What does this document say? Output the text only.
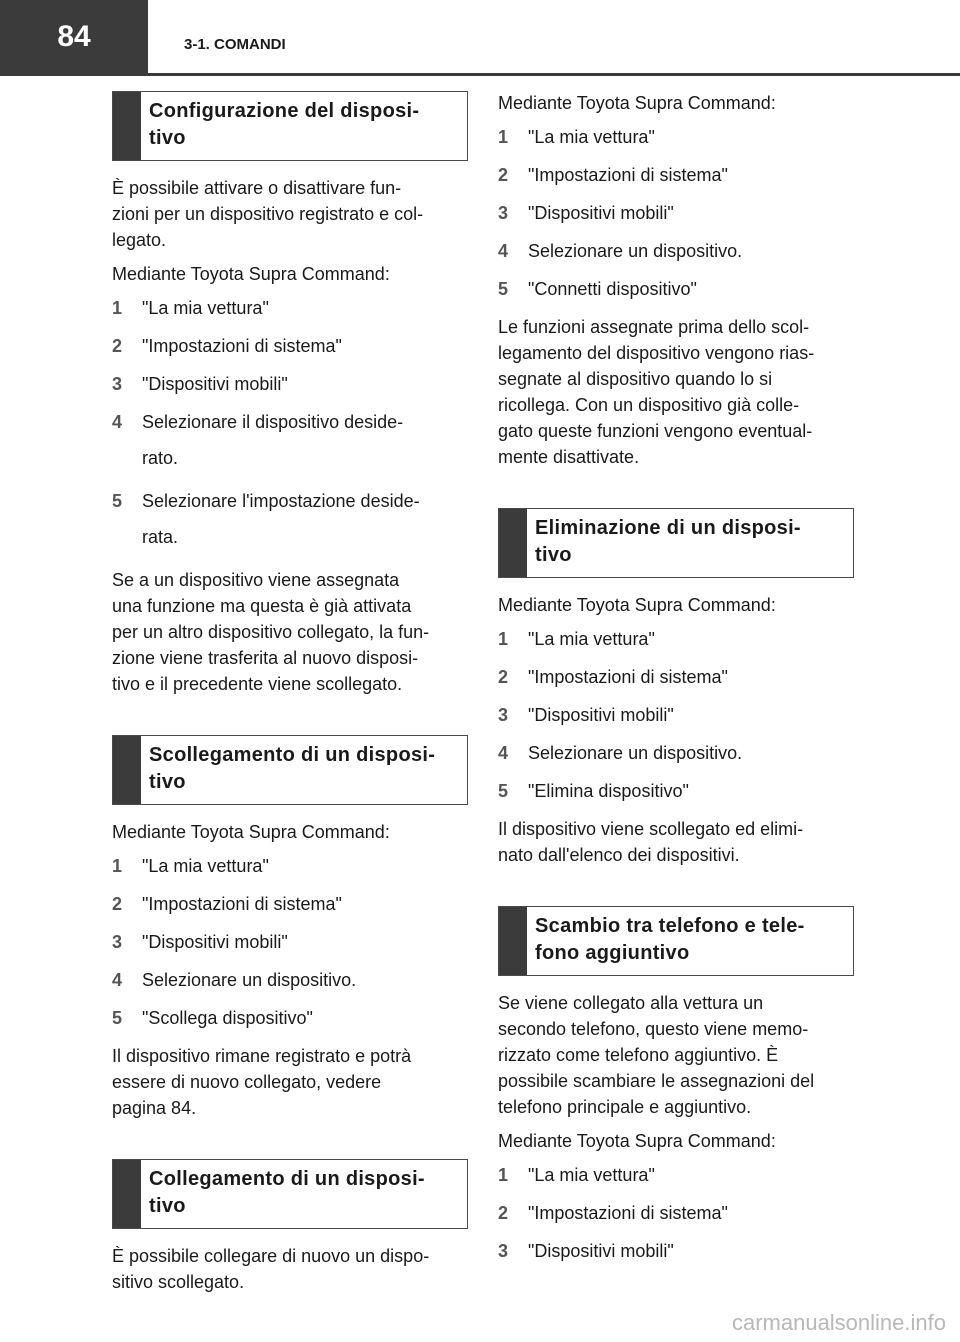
84	3-1. COMANDI
Configurazione del disposi-
tivo

È possibile attivare o disattivare fun-
zioni per un dispositivo registrato e col-
legato.

Mediante Toyota Supra Command:

1	"La mia vettura"
2	"Impostazioni di sistema"
3	"Dispositivi mobili"
4	Selezionare il dispositivo deside-
rato.
5	Selezionare l'impostazione deside-
rata.

Se a un dispositivo viene assegnata
una funzione ma questa è già attivata
per un altro dispositivo collegato, la fun-
zione viene trasferita al nuovo disposi-
tivo e il precedente viene scollegato.

Scollegamento di un disposi-
tivo

Mediante Toyota Supra Command:

1	"La mia vettura"
2	"Impostazioni di sistema"
3	"Dispositivi mobili"
4	Selezionare un dispositivo.
5	"Scollega dispositivo"

Il dispositivo rimane registrato e potrà
essere di nuovo collegato, vedere
pagina 84.

Collegamento di un disposi-
tivo

È possibile collegare di nuovo un dispo-
sitivo scollegato.

Mediante Toyota Supra Command:

1	"La mia vettura"
2	"Impostazioni di sistema"
3	"Dispositivi mobili"
4	Selezionare un dispositivo.
5	"Connetti dispositivo"

Le funzioni assegnate prima dello scol-
legamento del dispositivo vengono rias-
segnate al dispositivo quando lo si
ricollega. Con un dispositivo già colle-
gato queste funzioni vengono eventual-
mente disattivate.

Eliminazione di un disposi-
tivo

Mediante Toyota Supra Command:

1	"La mia vettura"
2	"Impostazioni di sistema"
3	"Dispositivi mobili"
4	Selezionare un dispositivo.
5	"Elimina dispositivo"

Il dispositivo viene scollegato ed elimi-
nato dall'elenco dei dispositivi.

Scambio tra telefono e tele-
fono aggiuntivo

Se viene collegato alla vettura un
secondo telefono, questo viene memo-
rizzato come telefono aggiuntivo. È
possibile scambiare le assegnazioni del
telefono principale e aggiuntivo.

Mediante Toyota Supra Command:

1	"La mia vettura"
2	"Impostazioni di sistema"
3	"Dispositivi mobili"
carmanualsonline.info
